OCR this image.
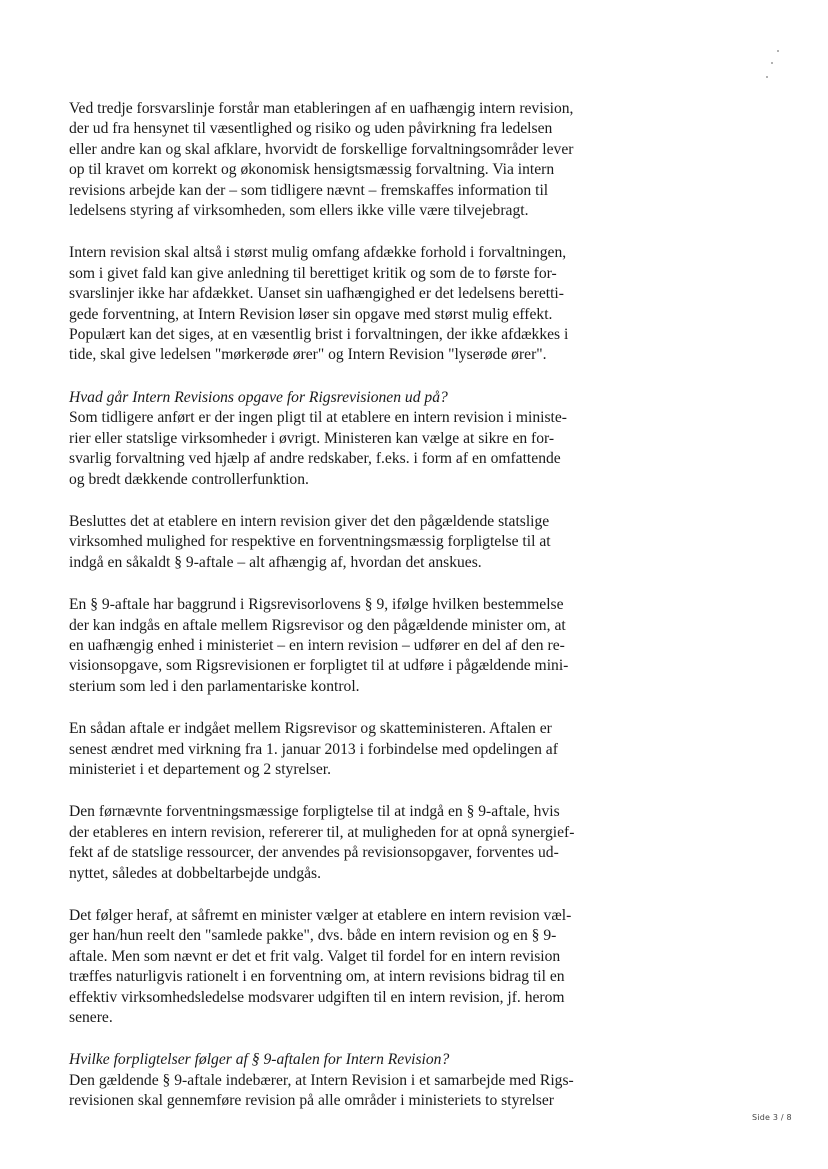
Ved tredje forsvarslinje forstår man etableringen af en uafhængig intern revision,
der ud fra hensynet til væsentlighed og risiko og uden påvirkning fra ledelsen
eller andre kan og skal afklare, hvorvidt de forskellige forvaltningsområder lever
op til kravet om korrekt og økonomisk hensigtsmæssig forvaltning. Via intern
revisions arbejde kan der – som tidligere nævnt – fremskaffes information til
ledelsens styring af virksomheden, som ellers ikke ville være tilvejebragt.

Intern revision skal altså i størst mulig omfang afdække forhold i forvaltningen,
som i givet fald kan give anledning til berettiget kritik og som de to første for-
svarslinjer ikke har afdækket. Uanset sin uafhængighed er det ledelsens beretti-
gede forventning, at Intern Revision løser sin opgave med størst mulig effekt.
Populært kan det siges, at en væsentlig brist i forvaltningen, der ikke afdækkes i
tide, skal give ledelsen "mørkerøde ører" og Intern Revision "lyserøde ører".

Hvad går Intern Revisions opgave for Rigsrevisionen ud på?

Som tidligere anført er der ingen pligt til at etablere en intern revision i ministe-
rier eller statslige virksomheder i øvrigt. Ministeren kan vælge at sikre en for-
svarlig forvaltning ved hjælp af andre redskaber, f.eks. i form af en omfattende
og bredt dækkende controllerfunktion.

Besluttes det at etablere en intern revision giver det den pågældende statslige
virksomhed mulighed for respektive en forventningsmæssig forpligtelse til at
indgå en såkaldt § 9-aftale – alt afhængig af, hvordan det anskues.

En § 9-aftale har baggrund i Rigsrevisorlovens § 9, ifølge hvilken bestemmelse
der kan indgås en aftale mellem Rigsrevisor og den pågældende minister om, at
en uafhængig enhed i ministeriet – en intern revision – udfører en del af den re-
visionsopgave, som Rigsrevisionen er forpligtet til at udføre i pågældende mini-
sterium som led i den parlamentariske kontrol.

En sådan aftale er indgået mellem Rigsrevisor og skatteministeren. Aftalen er
senest ændret med virkning fra 1. januar 2013 i forbindelse med opdelingen af
ministeriet i et departement og 2 styrelser.

Den førnævnte forventningsmæssige forpligtelse til at indgå en § 9-aftale, hvis
der etableres en intern revision, refererer til, at muligheden for at opnå synergief-
fekt af de statslige ressourcer, der anvendes på revisionsopgaver, forventes ud-
nyttet, således at dobbeltarbejde undgås.

Det følger heraf, at såfremt en minister vælger at etablere en intern revision væl-
ger han/hun reelt den "samlede pakke", dvs. både en intern revision og en § 9-
aftale. Men som nævnt er det et frit valg. Valget til fordel for en intern revision
træffes naturligvis rationelt i en forventning om, at intern revisions bidrag til en
effektiv virksomhedsledelse modsvarer udgiften til en intern revision, jf. herom
senere.

Hvilke forpligtelser følger af § 9-aftalen for Intern Revision?

Den gældende § 9-aftale indebærer, at Intern Revision i et samarbejde med Rigs-
revisionen skal gennemføre revision på alle områder i ministeriets to styrelser

Side 3 / 8
